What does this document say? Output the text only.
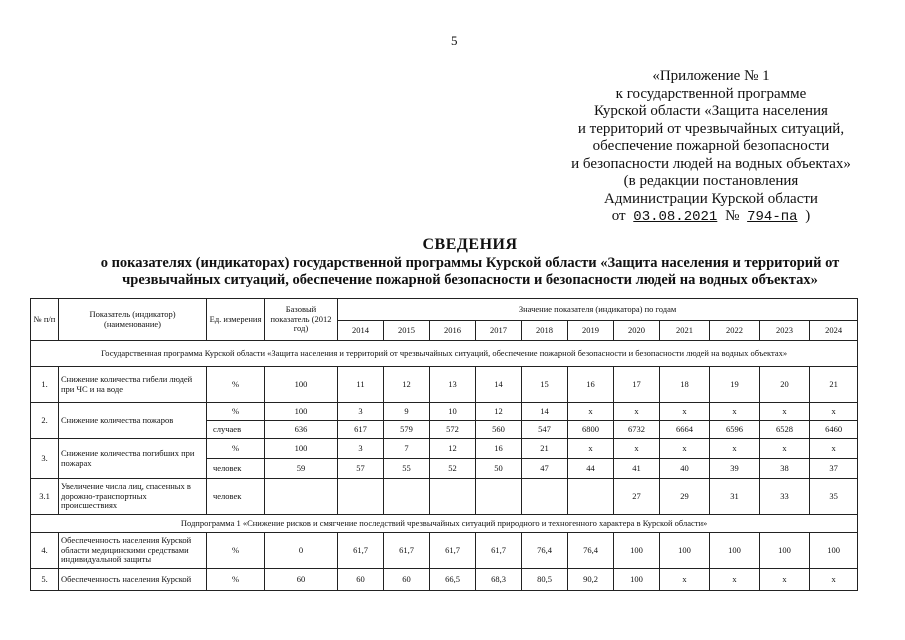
5
«Приложение № 1
к государственной программе
Курской области «Защита населения
и территорий от чрезвычайных ситуаций,
обеспечение пожарной безопасности
и безопасности людей на водных объектах»
(в редакции постановления
Администрации Курской области
от 03.08.2021 № 794-па )
СВЕДЕНИЯ
о показателях (индикаторах) государственной программы Курской области «Защита населения и территорий от
чрезвычайных ситуаций, обеспечение пожарной безопасности и безопасности людей на водных объектах»
№ п/п	Показатель (индикатор) (наименование)	Ед. измерения	Базовый показатель (2012 год)	Значение показателя (индикатора) по годам										
				2014	2015	2016	2017	2018	2019	2020	2021	2022	2023	2024
Государственная программа Курской области «Защита населения и территорий от чрезвычайных ситуаций, обеспечение пожарной безопасности и безопасности людей на водных объектах»														
1.	Снижение количества гибели людей при ЧС и на воде	%	100	11	12	13	14	15	16	17	18	19	20	21
2.	Снижение количества пожаров	%	100	3	9	10	12	14	x	x	x	x	x	x
		случаев	636	617	579	572	560	547	6800	6732	6664	6596	6528	6460
3.	Снижение количества погибших при пожарах	%	100	3	7	12	16	21	x	x	x	x	x	x
		человек	59	57	55	52	50	47	44	41	40	39	38	37
3.1	Увеличение числа лиц, спасенных в дорожно-транспортных происшествиях	человек								27	29	31	33	35
Подпрограмма 1 «Снижение рисков и смягчение последствий чрезвычайных ситуаций природного и техногенного характера в Курской области»														
4.	Обеспеченность населения Курской области медицинскими средствами индивидуальной защиты	%	0	61,7	61,7	61,7	61,7	76,4	76,4	100	100	100	100	100
5.	Обеспеченность населения Курской	%	60	60	60	66,5	68,3	80,5	90,2	100	x	x	x	x
